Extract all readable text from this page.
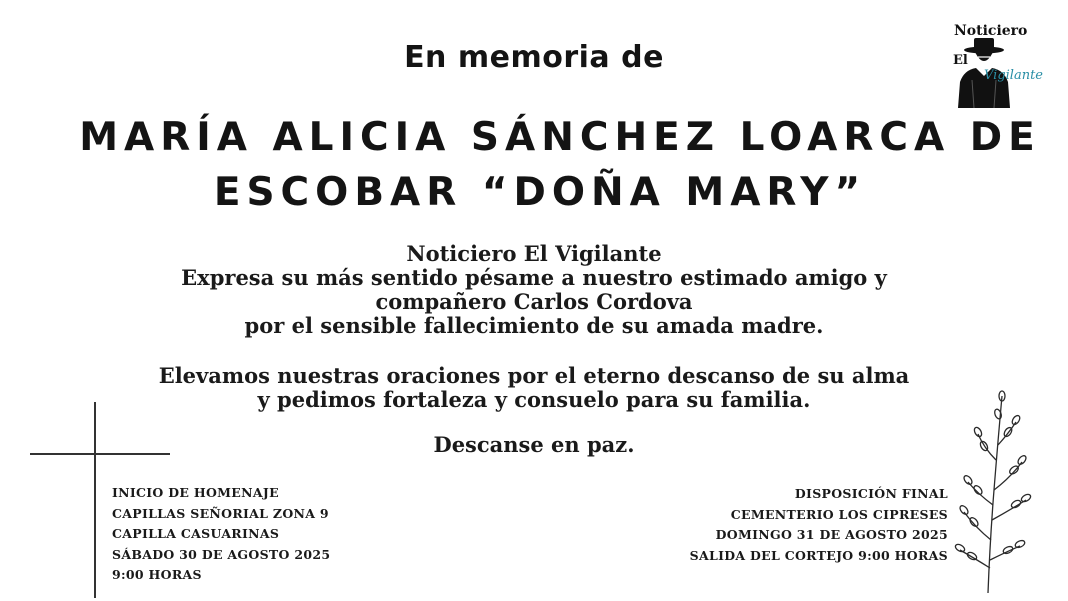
En memoria de
MARÍA ALICIA SÁNCHEZ LOARCA DE
ESCOBAR “DOÑA MARY”
Noticiero El Vigilante
Expresa su más sentido pésame a nuestro estimado amigo y
compañero Carlos Cordova
por el sensible fallecimiento de su amada madre.
Elevamos nuestras oraciones por el eterno descanso de su alma
y pedimos fortaleza y consuelo para su familia.
Descanse en paz.
INICIO DE HOMENAJE
CAPILLAS SEÑORIAL ZONA 9
CAPILLA CASUARINAS
SÁBADO 30 DE AGOSTO 2025
9:00 HORAS
DISPOSICIÓN FINAL
CEMENTERIO LOS CIPRESES
DOMINGO 31 DE AGOSTO 2025
SALIDA DEL CORTEJO 9:00 HORAS
Noticiero
El
Vigilante
